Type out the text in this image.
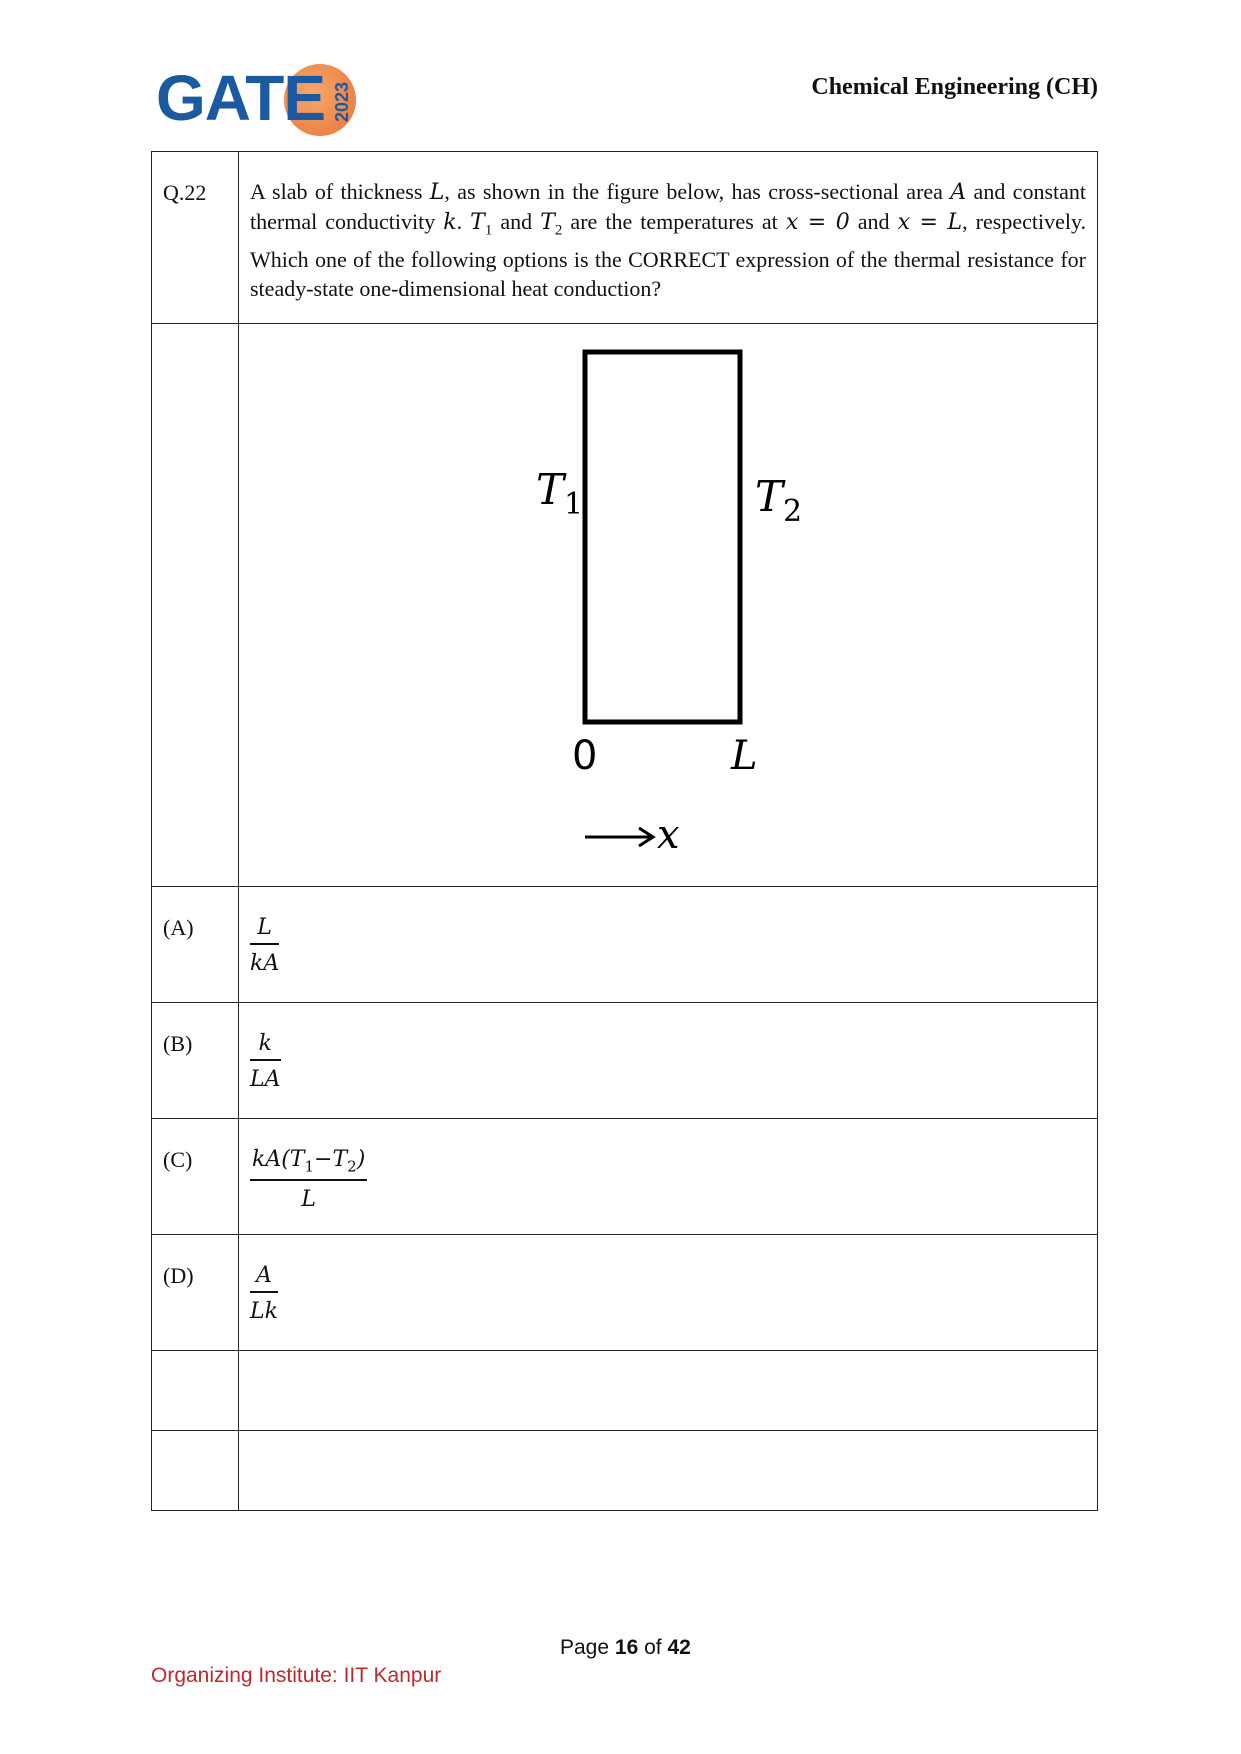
GATE 2023	Chemical Engineering (CH)
Q.22	A slab of thickness L, as shown in the figure below, has cross-sectional area A and constant thermal conductivity k. $T_1$ and $T_2$ are the temperatures at x = 0 and x = L, respectively. Which one of the following options is the CORRECT expression of the thermal resistance for steady-state one-dimensional heat conduction?

$T_1$ $T_2$
0 L
x

(A)	$\frac{L}{kA}$

(B)	$\frac{k}{LA}$

(C)	$\frac{kA(T_1-T_2)}{L}$

(D)	$\frac{A}{Lk}$

Page 16 of 42
Organizing Institute: IIT Kanpur
